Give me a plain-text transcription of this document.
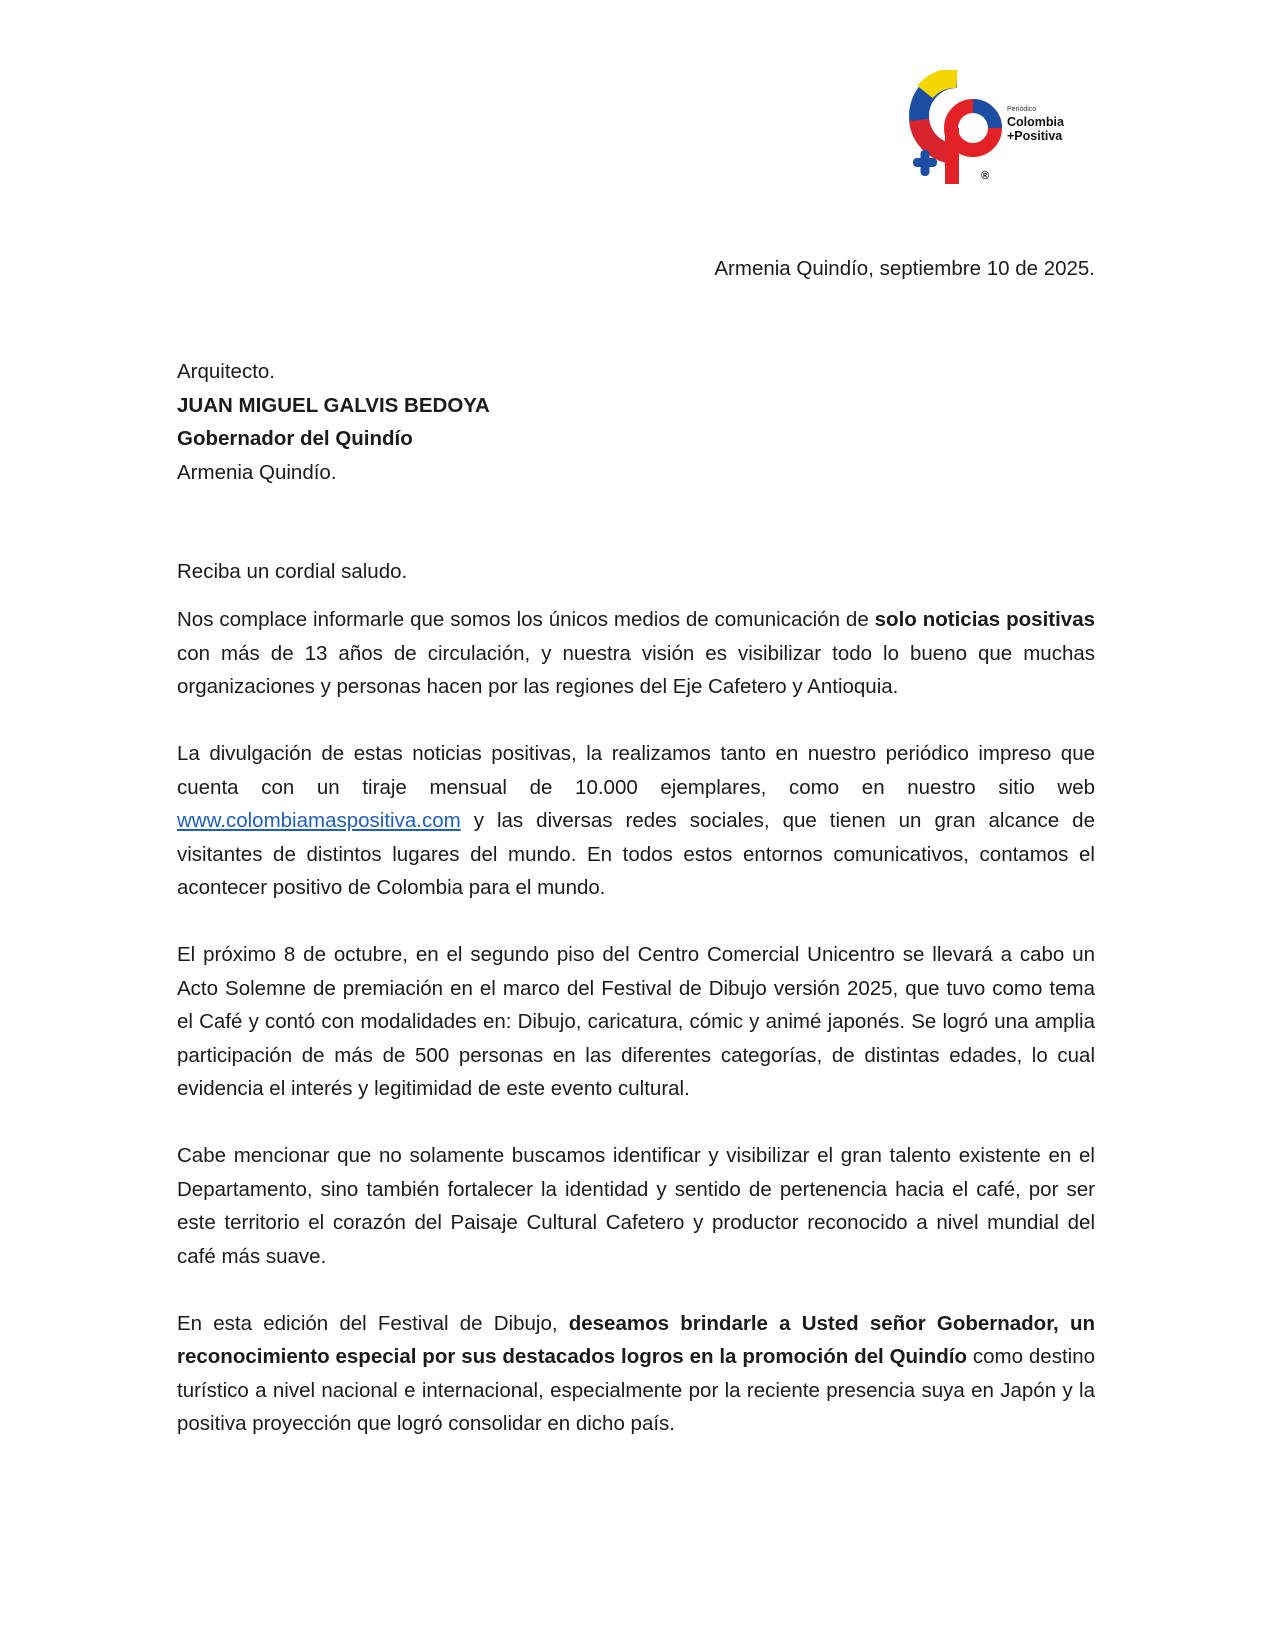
®
Periódico
Colombia
+Positiva
Armenia Quindío, septiembre 10 de 2025.
Arquitecto.
JUAN MIGUEL GALVIS BEDOYA
Gobernador del Quindío
Armenia Quindío.
Reciba un cordial saludo.

Nos complace informarle que somos los únicos medios de comunicación de solo noticias positivas con más de 13 años de circulación, y nuestra visión es visibilizar todo lo bueno que muchas organizaciones y personas hacen por las regiones del Eje Cafetero y Antioquia.

La divulgación de estas noticias positivas, la realizamos tanto en nuestro periódico impreso que cuenta con un tiraje mensual de 10.000 ejemplares, como en nuestro sitio web www.colombiamaspositiva.com y las diversas redes sociales, que tienen un gran alcance de visitantes de distintos lugares del mundo. En todos estos entornos comunicativos, contamos el acontecer positivo de Colombia para el mundo.

El próximo 8 de octubre, en el segundo piso del Centro Comercial Unicentro se llevará a cabo un Acto Solemne de premiación en el marco del Festival de Dibujo versión 2025, que tuvo como tema el Café y contó con modalidades en: Dibujo, caricatura, cómic y animé japonés. Se logró una amplia participación de más de 500 personas en las diferentes categorías, de distintas edades, lo cual evidencia el interés y legitimidad de este evento cultural.

Cabe mencionar que no solamente buscamos identificar y visibilizar el gran talento existente en el Departamento, sino también fortalecer la identidad y sentido de pertenencia hacia el café, por ser este territorio el corazón del Paisaje Cultural Cafetero y productor reconocido a nivel mundial del café más suave.

En esta edición del Festival de Dibujo, deseamos brindarle a Usted señor Gobernador, un reconocimiento especial por sus destacados logros en la promoción del Quindío como destino turístico a nivel nacional e internacional, especialmente por la reciente presencia suya en Japón y la positiva proyección que logró consolidar en dicho país.
